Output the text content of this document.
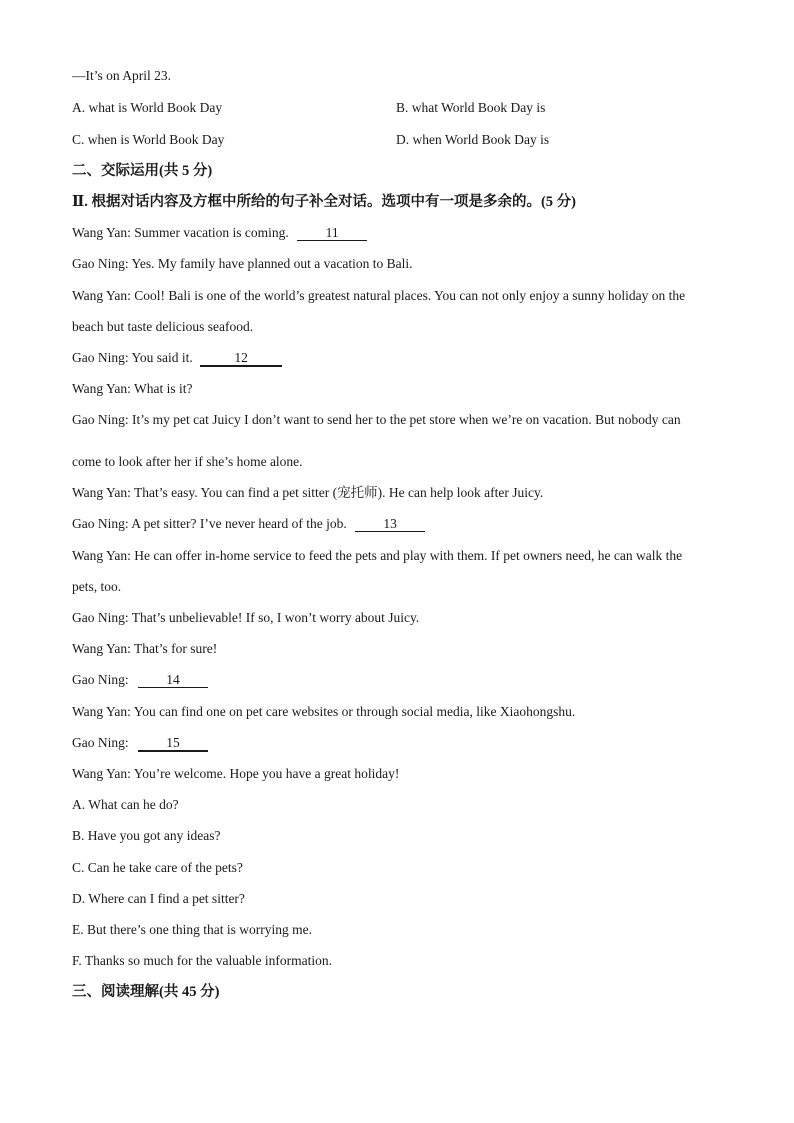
—It’s on April 23.
A. what is World Book Day	B. what World Book Day is
C. when is World Book Day	D. when World Book Day is
二、交际运用(共 5 分)
Ⅱ. 根据对话内容及方框中所给的句子补全对话。选项中有一项是多余的。(5 分)
Wang Yan: Summer vacation is coming.	11
Gao Ning: Yes. My family have planned out a vacation to Bali.
Wang Yan: Cool! Bali is one of the world’s greatest natural places. You can not only enjoy a sunny holiday on the
beach but taste delicious seafood.
Gao Ning: You said it.	12
Wang Yan: What is it?
Gao Ning: It’s my pet cat Juicy I don’t want to send her to the pet store when we’re on vacation. But nobody can
come to look after her if she’s home alone.
Wang Yan: That’s easy. You can find a pet sitter (宠托师). He can help look after Juicy.
Gao Ning: A pet sitter? I’ve never heard of the job.	13
Wang Yan: He can offer in-home service to feed the pets and play with them. If pet owners need, he can walk the
pets, too.
Gao Ning: That’s unbelievable! If so, I won’t worry about Juicy.
Wang Yan: That’s for sure!
Gao Ning:	14
Wang Yan: You can find one on pet care websites or through social media, like Xiaohongshu.
Gao Ning:	15
Wang Yan: You’re welcome. Hope you have a great holiday!
A. What can he do?
B. Have you got any ideas?
C. Can he take care of the pets?
D. Where can I find a pet sitter?
E. But there’s one thing that is worrying me.
F. Thanks so much for the valuable information.
三、阅读理解(共 45 分)
